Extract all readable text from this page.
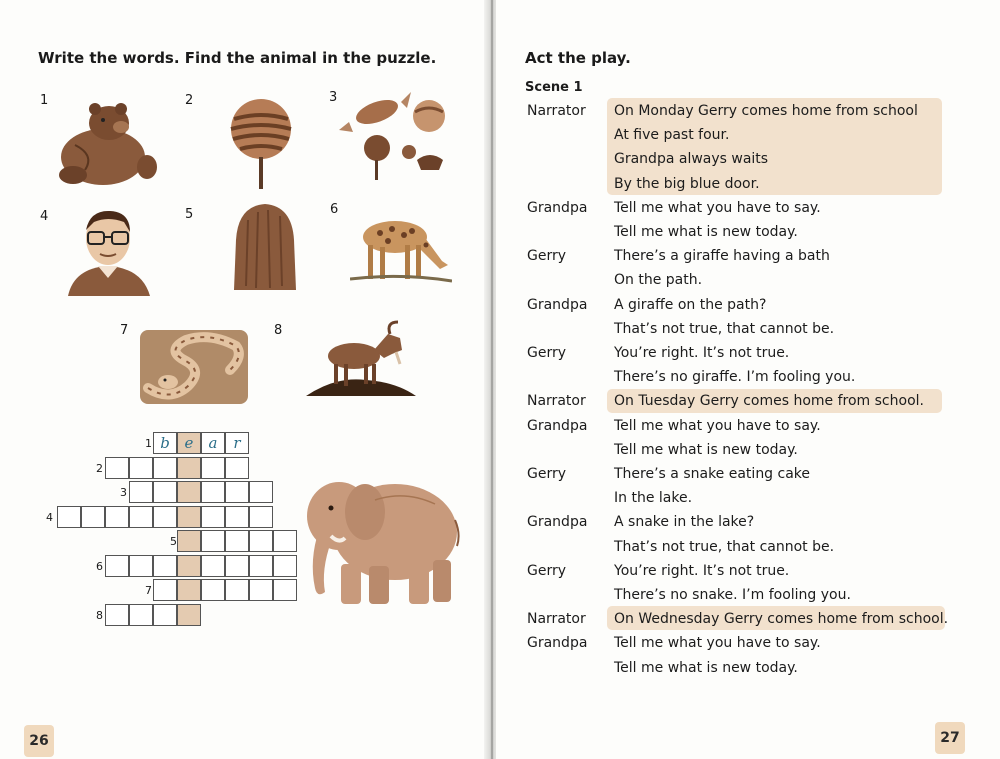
Write the words. Find the animal in the puzzle.
1	2	3
4	5	6
7	8
1
2
3
4
5
6
7
8
b e	a	r
26
Act the play.
Scene 1
Narrator On Monday Gerry comes home from school
At five past four.
Grandpa always waits
By the big blue door.
Grandpa Tell me what you have to say.
Tell me what is new today.
Gerry	There’s a giraffe having a bath
On the path.
Grandpa A giraffe on the path?
That’s not true, that cannot be.
Gerry	You’re right. It’s not true.
There’s no giraffe. I’m fooling you.
Narrator On Tuesday Gerry comes home from school.
Grandpa Tell me what you have to say.
Tell me what is new today.
Gerry	There’s a snake eating cake
In the lake.
Grandpa A snake in the lake?
That’s not true, that cannot be.
Gerry	You’re right. It’s not true.
There’s no snake. I’m fooling you.
Narrator On Wednesday Gerry comes home from school.
Grandpa Tell me what you have to say.
Tell me what is new today.
27
